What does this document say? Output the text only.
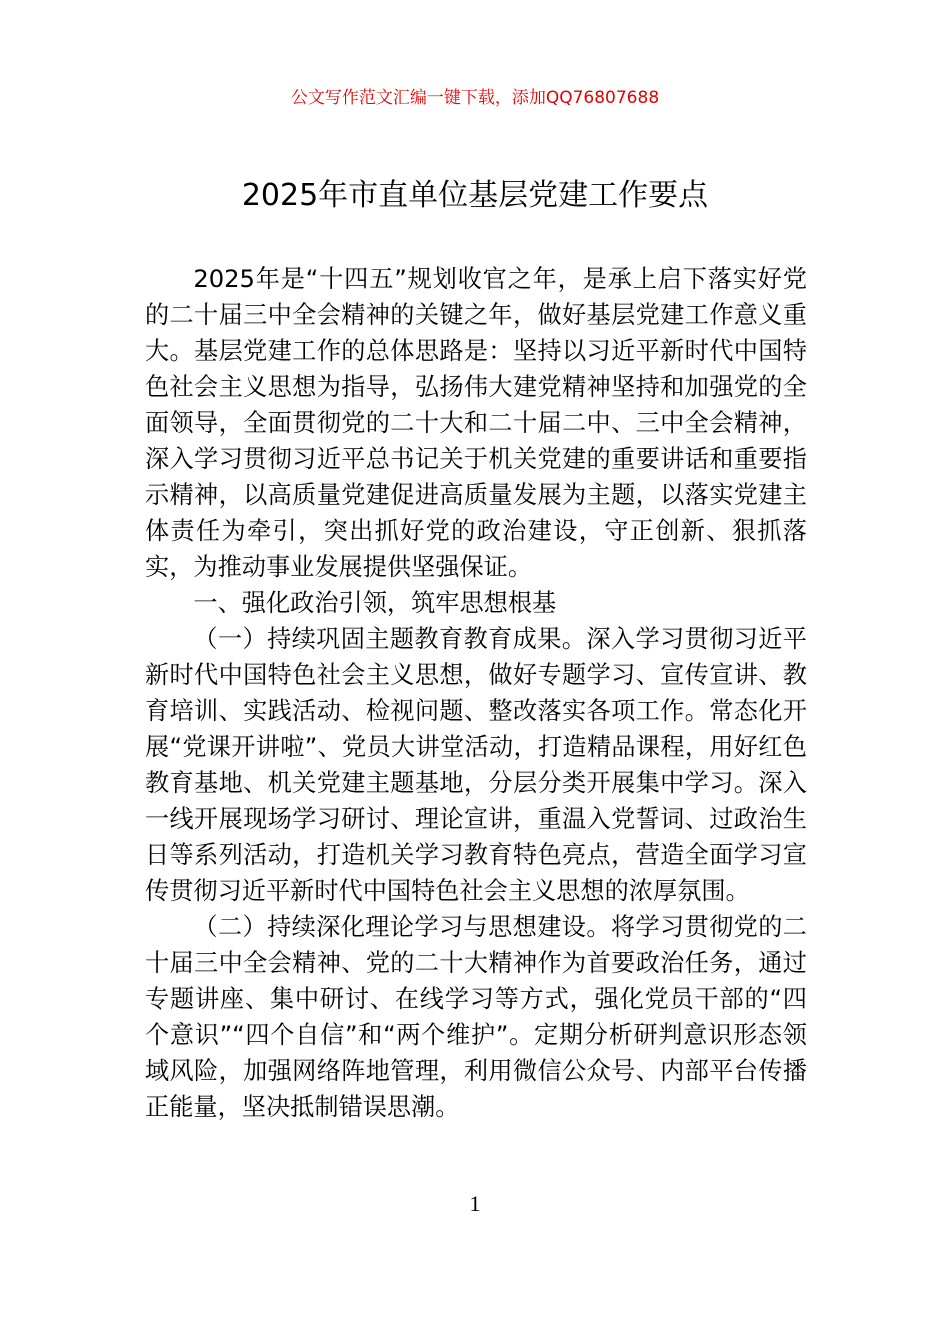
公文写作范文汇编一键下载，添加QQ76807688
2025年市直单位基层党建工作要点

2025年是“十四五”规划收官之年，是承上启下落实好党的二十届三中全会精神的关键之年，做好基层党建工作意义重大。基层党建工作的总体思路是：坚持以习近平新时代中国特色社会主义思想为指导，弘扬伟大建党精神坚持和加强党的全面领导，全面贯彻党的二十大和二十届二中、三中全会精神，深入学习贯彻习近平总书记关于机关党建的重要讲话和重要指示精神，以高质量党建促进高质量发展为主题，以落实党建主体责任为牵引，突出抓好党的政治建设，守正创新、狠抓落实，为推动事业发展提供坚强保证。

一、强化政治引领，筑牢思想根基

（一）持续巩固主题教育教育成果。深入学习贯彻习近平新时代中国特色社会主义思想，做好专题学习、宣传宣讲、教育培训、实践活动、检视问题、整改落实各项工作。常态化开展“党课开讲啦”、党员大讲堂活动，打造精品课程，用好红色教育基地、机关党建主题基地，分层分类开展集中学习。深入一线开展现场学习研讨、理论宣讲，重温入党誓词、过政治生日等系列活动，打造机关学习教育特色亮点，营造全面学习宣传贯彻习近平新时代中国特色社会主义思想的浓厚氛围。

（二）持续深化理论学习与思想建设。将学习贯彻党的二十届三中全会精神、党的二十大精神作为首要政治任务，通过专题讲座、集中研讨、在线学习等方式，强化党员干部的“四个意识”“四个自信”和“两个维护”。定期分析研判意识形态领域风险，加强网络阵地管理，利用微信公众号、内部平台传播正能量，坚决抵制错误思潮。

1
